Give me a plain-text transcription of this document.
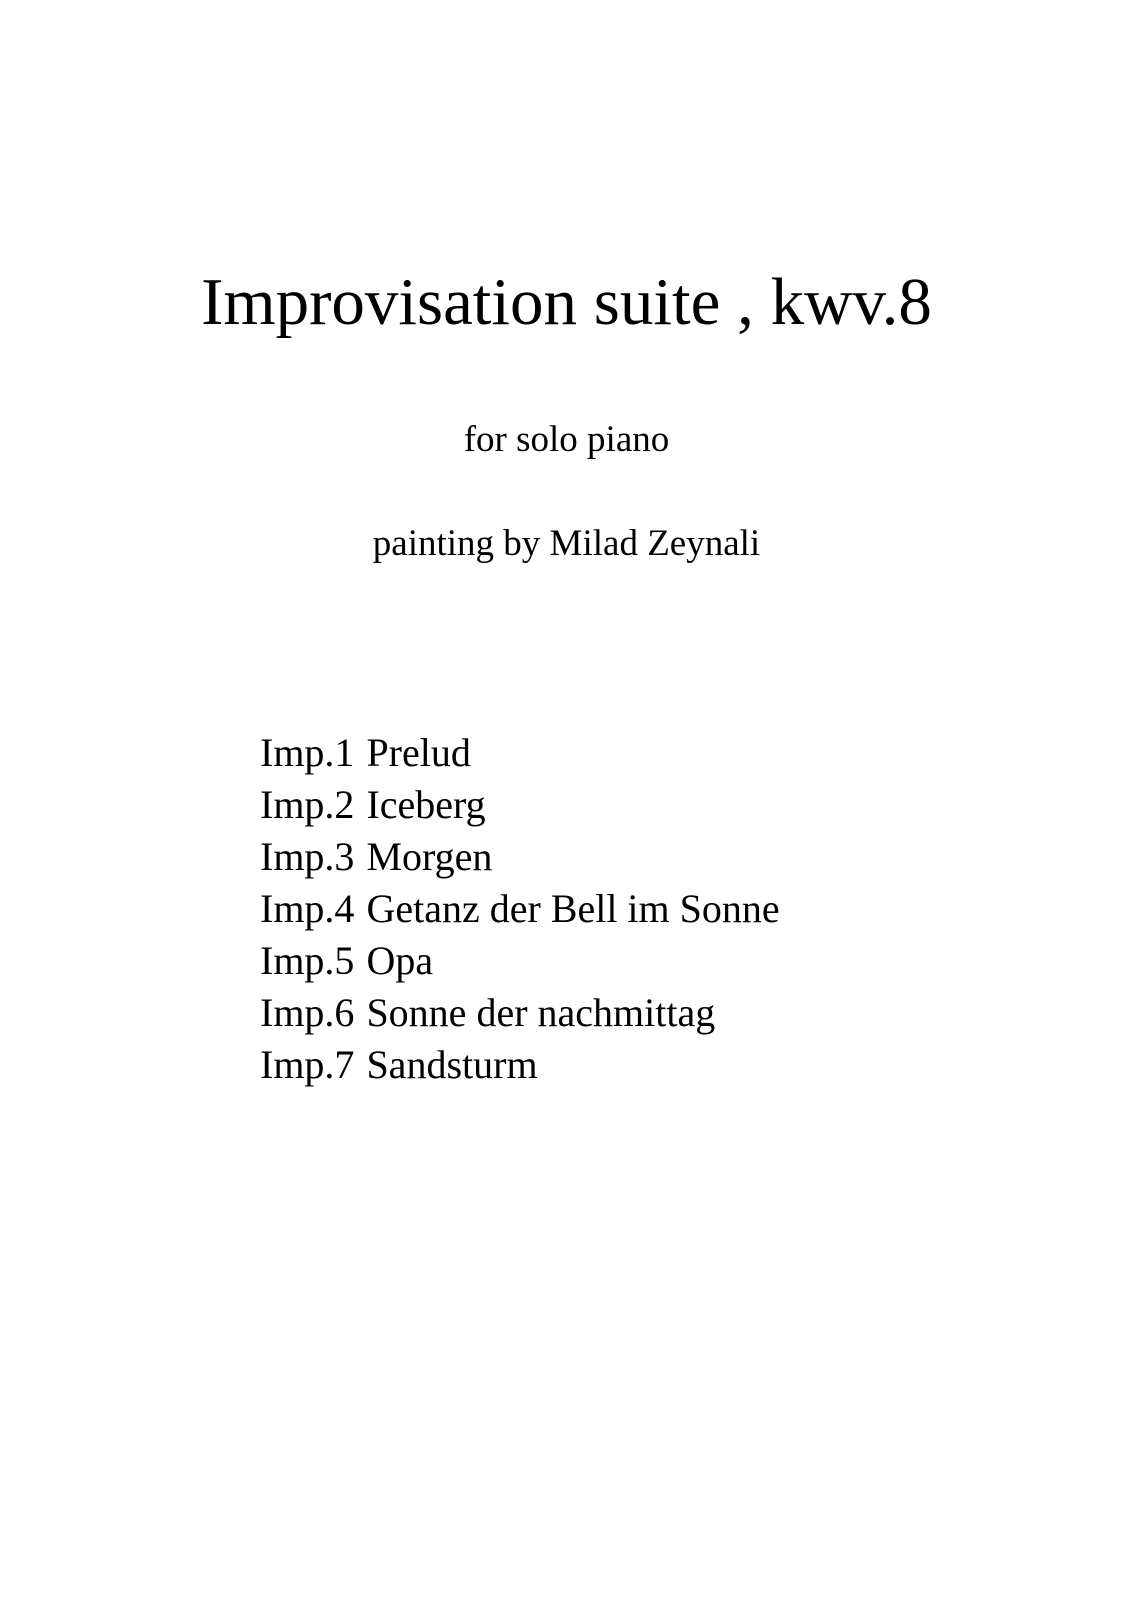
Improvisation suite , kwv.8
for solo piano
painting by Milad Zeynali
Imp.1 Prelud
Imp.2 Iceberg
Imp.3 Morgen
Imp.4 Getanz der Bell im Sonne
Imp.5 Opa
Imp.6 Sonne der nachmittag
Imp.7 Sandsturm
